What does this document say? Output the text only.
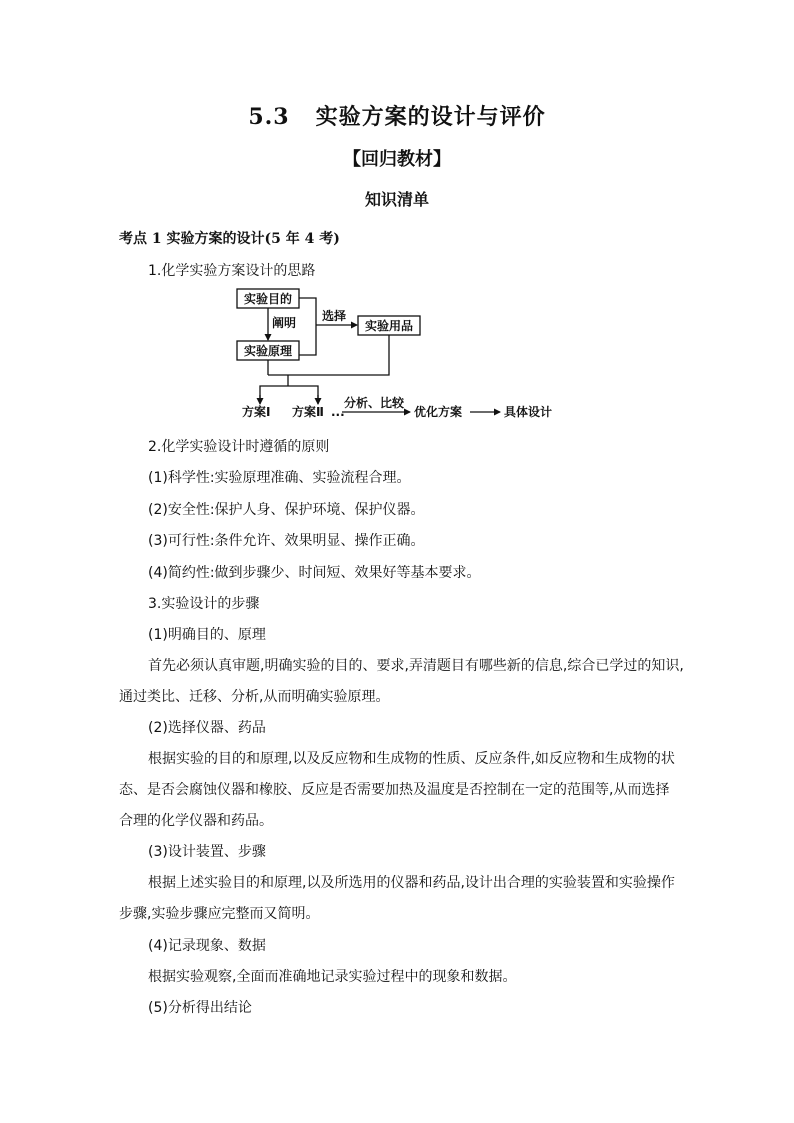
5.3 实验方案的设计与评价
【回归教材】
知识清单
考点 1 实验方案的设计(5 年 4 考)
1.化学实验方案设计的思路
实验目的
实验原理
实验用品
阐明 选择
方案Ⅰ 方案Ⅱ ...
分析、比较
优化方案	具体设计
2.化学实验设计时遵循的原则
(1)科学性:实验原理准确、实验流程合理。
(2)安全性:保护人身、保护环境、保护仪器。
(3)可行性:条件允许、效果明显、操作正确。
(4)简约性:做到步骤少、时间短、效果好等基本要求。
3.实验设计的步骤
(1)明确目的、原理
首先必须认真审题,明确实验的目的、要求,弄清题目有哪些新的信息,综合已学过的知识,
通过类比、迁移、分析,从而明确实验原理。
(2)选择仪器、药品
根据实验的目的和原理,以及反应物和生成物的性质、反应条件,如反应物和生成物的状
态、是否会腐蚀仪器和橡胶、反应是否需要加热及温度是否控制在一定的范围等,从而选择
合理的化学仪器和药品。
(3)设计装置、步骤
根据上述实验目的和原理,以及所选用的仪器和药品,设计出合理的实验装置和实验操作
步骤,实验步骤应完整而又简明。
(4)记录现象、数据
根据实验观察,全面而准确地记录实验过程中的现象和数据。
(5)分析得出结论
